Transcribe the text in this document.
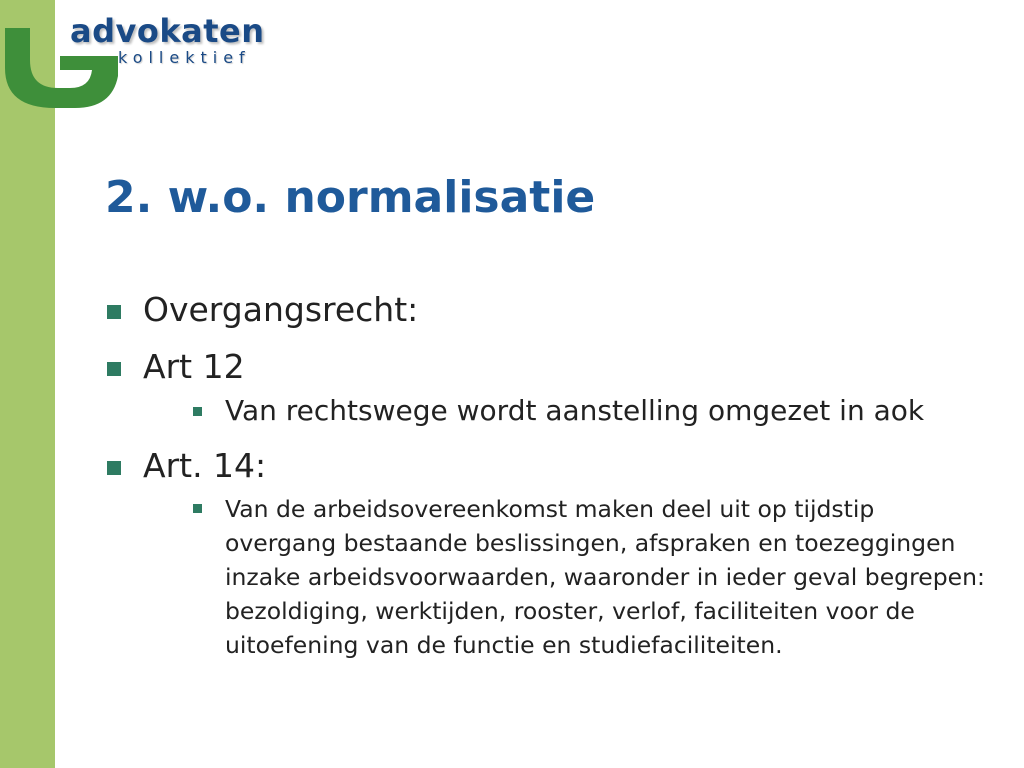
advokaten
kollektief
2. w.o. normalisatie
Overgangsrecht:
Art 12
Van rechtswege wordt aanstelling omgezet in aok
Art. 14:
Van de arbeidsovereenkomst maken deel uit op tijdstip overgang bestaande beslissingen, afspraken en toezeggingen inzake arbeidsvoorwaarden, waaronder in ieder geval begrepen: bezoldiging, werktijden, rooster, verlof, faciliteiten voor de uitoefening van de functie en studiefaciliteiten.
